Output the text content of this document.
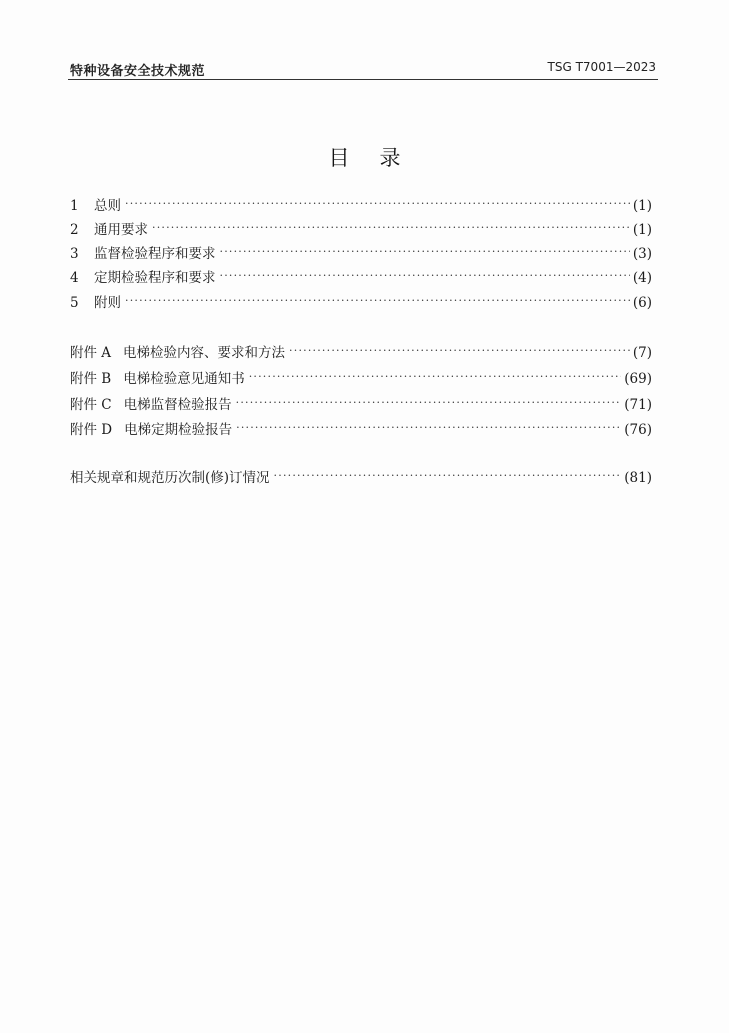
特种设备安全技术规范	TSG T7001—2023
目录
1 总则 ·····	(1)
2 通用要求 ·····	(1)
3 监督检验程序和要求 ·····	(3)
4 定期检验程序和要求 ·····	(4)
5 附则 ·····	(6)
附件 A 电梯检验内容、要求和方法 ·····	(7)
附件 B 电梯检验意见通知书 ·····	(69)
附件 C 电梯监督检验报告 ·····	(71)
附件 D 电梯定期检验报告 ·····	(76)
相关规章和规范历次制(修)订情况 ·····	(81)
